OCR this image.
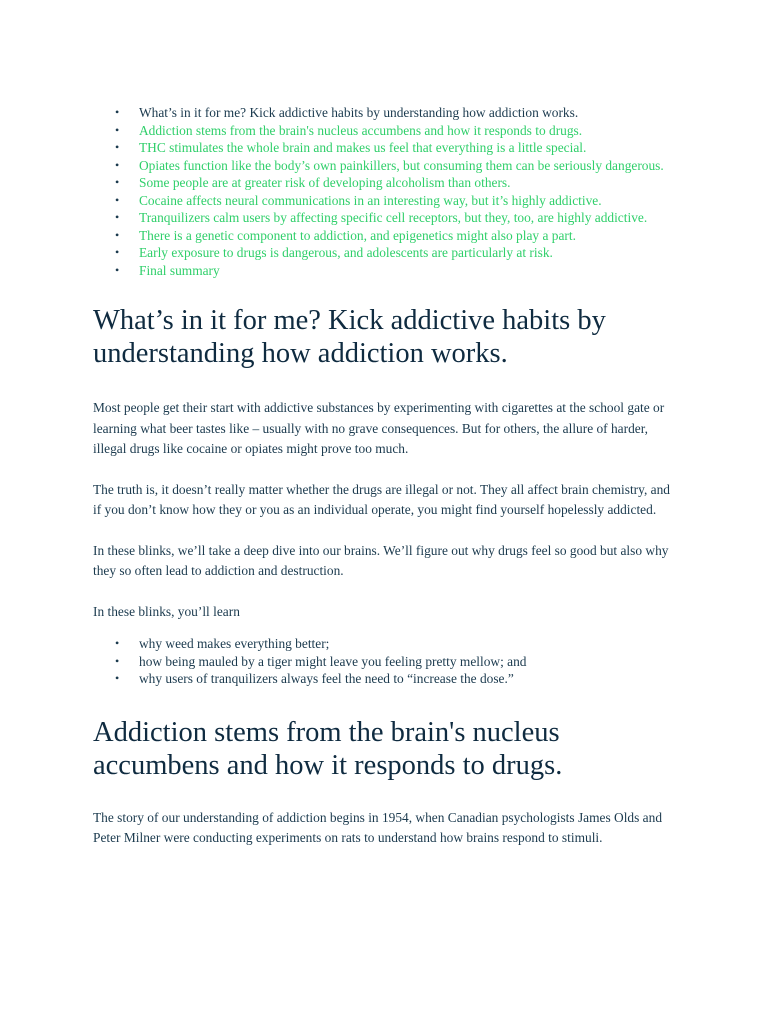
• What’s in it for me? Kick addictive habits by understanding how addiction works.
• Addiction stems from the brain's nucleus accumbens and how it responds to drugs.
• THC stimulates the whole brain and makes us feel that everything is a little special.
• Opiates function like the body’s own painkillers, but consuming them can be seriously dangerous.
• Some people are at greater risk of developing alcoholism than others.
• Cocaine affects neural communications in an interesting way, but it’s highly addictive.
• Tranquilizers calm users by affecting specific cell receptors, but they, too, are highly addictive.
• There is a genetic component to addiction, and epigenetics might also play a part.
• Early exposure to drugs is dangerous, and adolescents are particularly at risk.
• Final summary
What’s in it for me? Kick addictive habits by understanding how addiction works.

Most people get their start with addictive substances by experimenting with cigarettes at the school gate or learning what beer tastes like – usually with no grave consequences. But for others, the allure of harder, illegal drugs like cocaine or opiates might prove too much.

The truth is, it doesn’t really matter whether the drugs are illegal or not. They all affect brain chemistry, and if you don’t know how they or you as an individual operate, you might find yourself hopelessly addicted.

In these blinks, we’ll take a deep dive into our brains. We’ll figure out why drugs feel so good but also why they so often lead to addiction and destruction.

In these blinks, you’ll learn

• why weed makes everything better;
• how being mauled by a tiger might leave you feeling pretty mellow; and
• why users of tranquilizers always feel the need to “increase the dose.”
Addiction stems from the brain's nucleus accumbens and how it responds to drugs.

The story of our understanding of addiction begins in 1954, when Canadian psychologists James Olds and Peter Milner were conducting experiments on rats to understand how brains respond to stimuli.
